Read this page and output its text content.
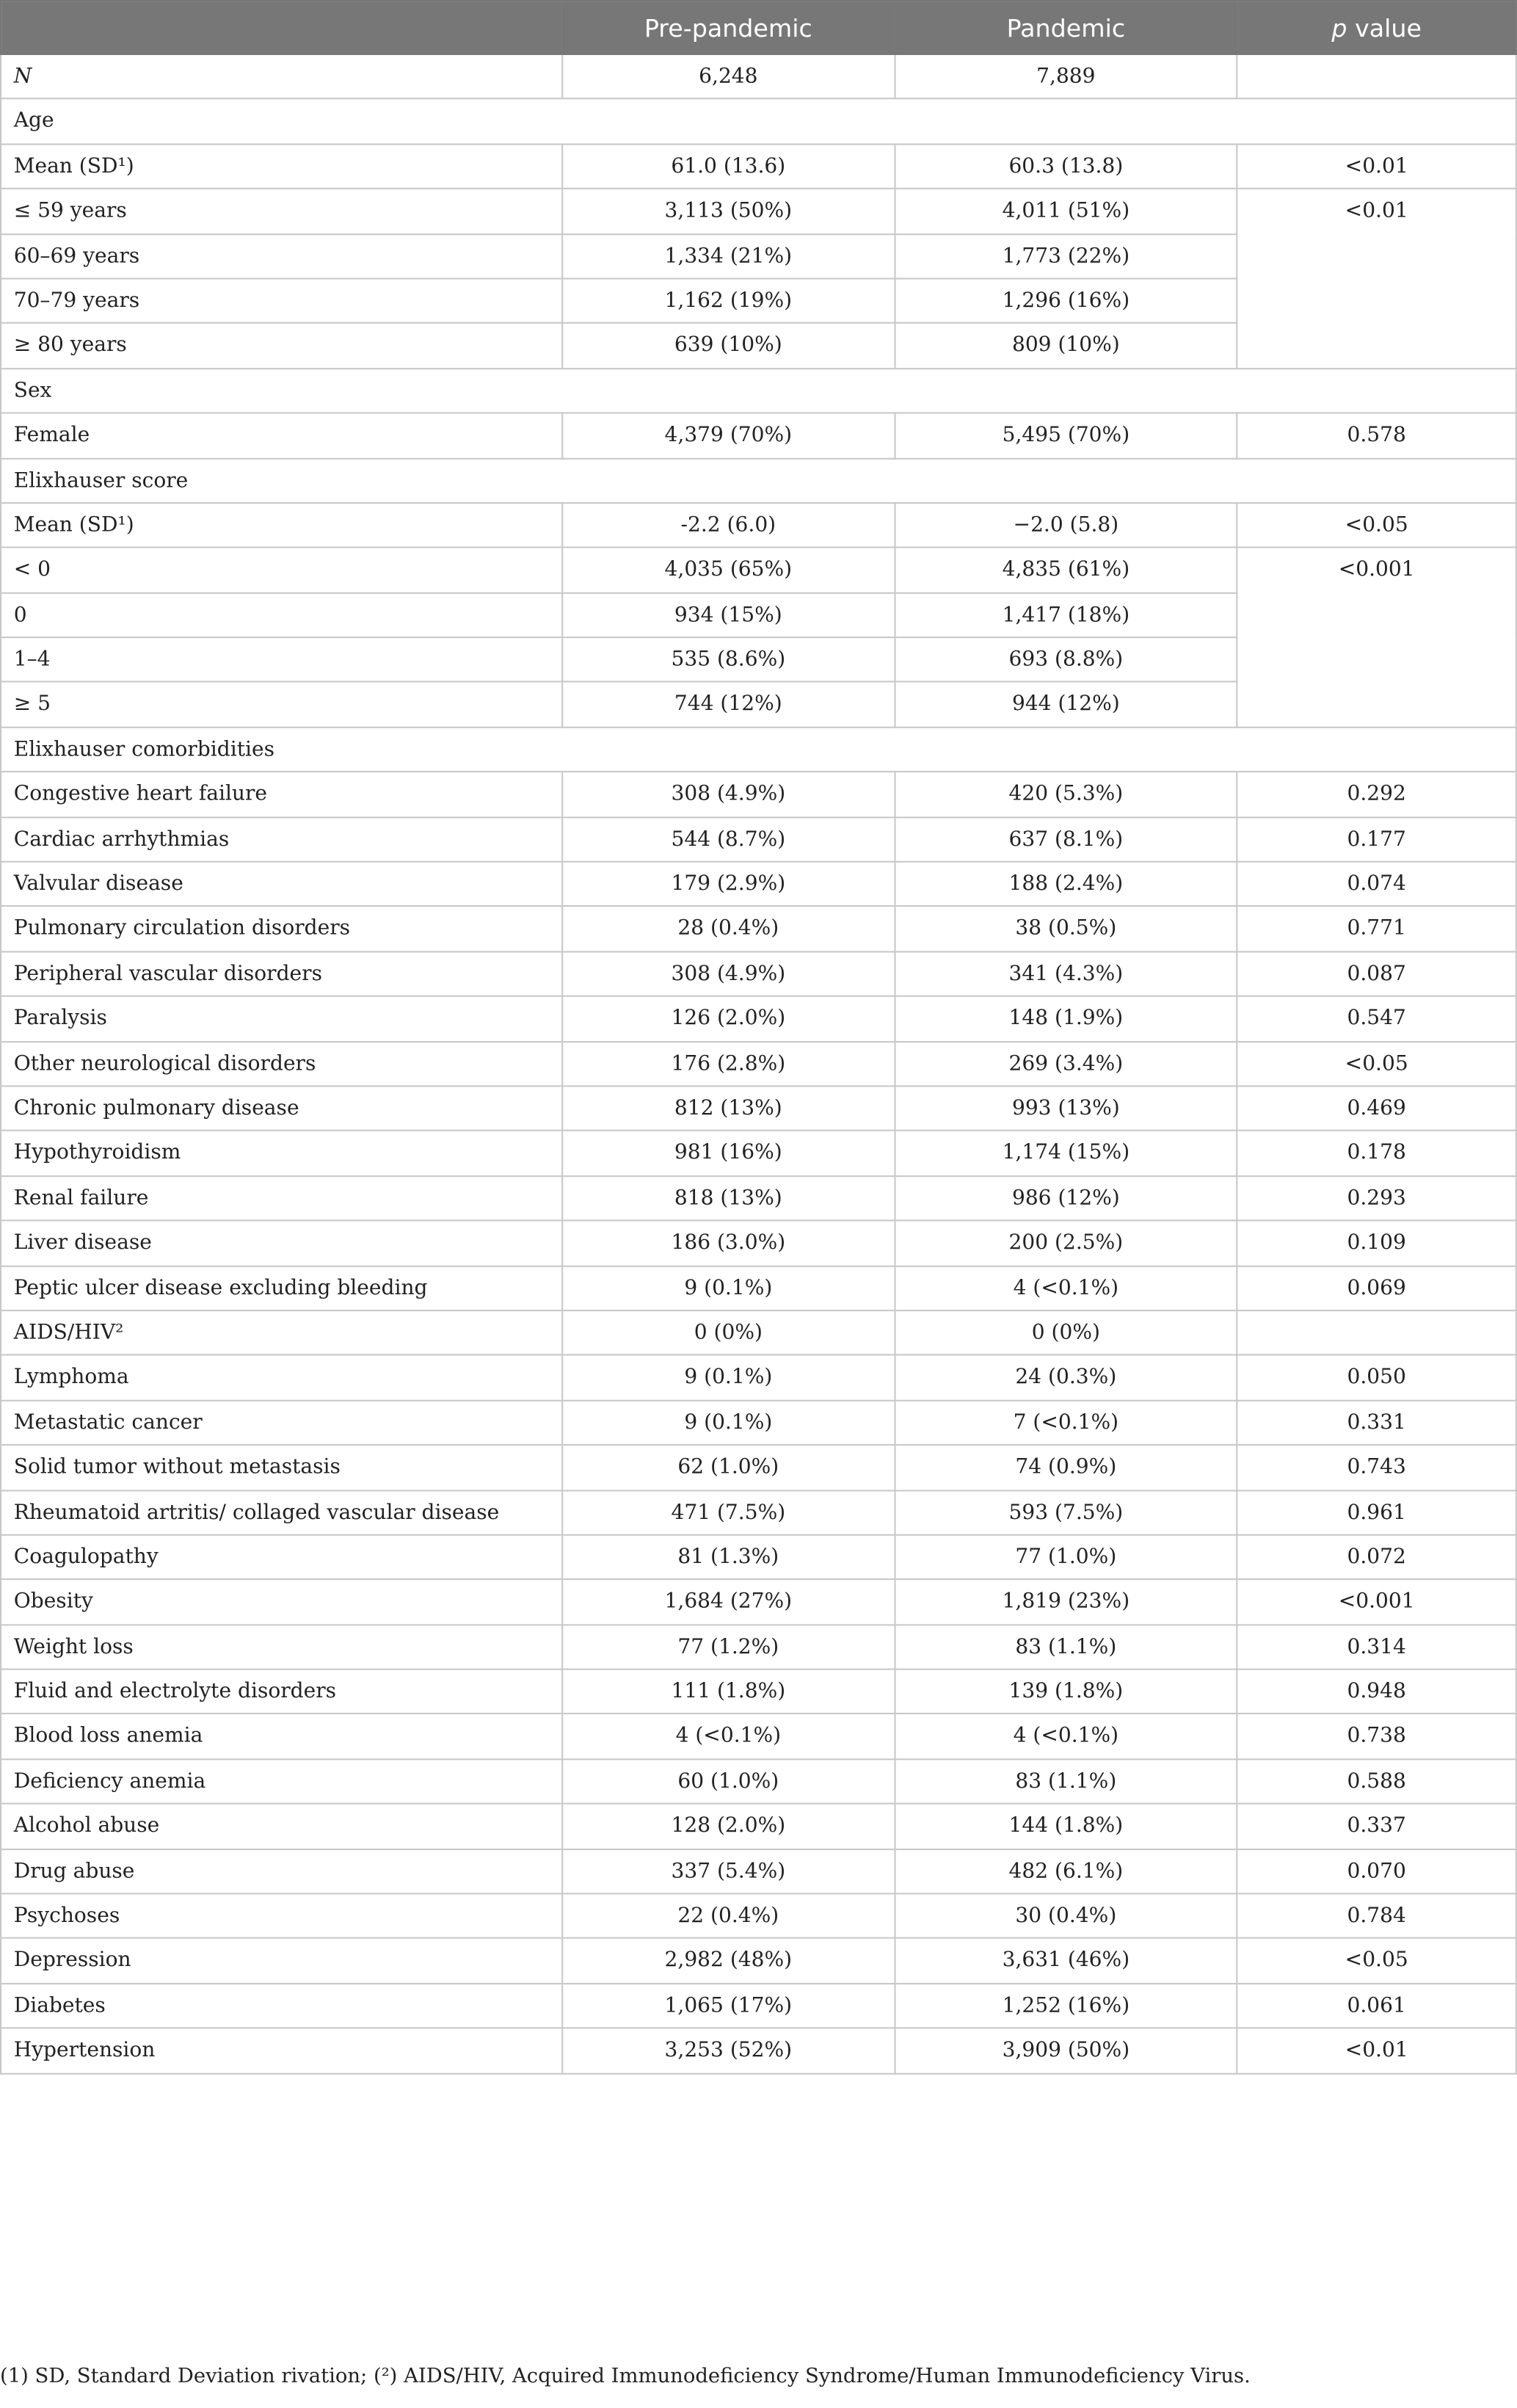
	Pre-pandemic	Pandemic	p value
N	6,248	7,889	
Age			
Mean (SD¹)	61.0 (13.6)	60.3 (13.8)	<0.01
≤ 59 years	3,113 (50%)	4,011 (51%)	<0.01
60–69 years	1,334 (21%)	1,773 (22%)	
70–79 years	1,162 (19%)	1,296 (16%)	
≥ 80 years	639 (10%)	809 (10%)	
Sex			
Female	4,379 (70%)	5,495 (70%)	0.578
Elixhauser score			
Mean (SD¹)	-2.2 (6.0)	−2.0 (5.8)	<0.05
< 0	4,035 (65%)	4,835 (61%)	<0.001
0	934 (15%)	1,417 (18%)	
1–4	535 (8.6%)	693 (8.8%)	
≥ 5	744 (12%)	944 (12%)	
Elixhauser comorbidities			
Congestive heart failure	308 (4.9%)	420 (5.3%)	0.292
Cardiac arrhythmias	544 (8.7%)	637 (8.1%)	0.177
Valvular disease	179 (2.9%)	188 (2.4%)	0.074
Pulmonary circulation disorders	28 (0.4%)	38 (0.5%)	0.771
Peripheral vascular disorders	308 (4.9%)	341 (4.3%)	0.087
Paralysis	126 (2.0%)	148 (1.9%)	0.547
Other neurological disorders	176 (2.8%)	269 (3.4%)	<0.05
Chronic pulmonary disease	812 (13%)	993 (13%)	0.469
Hypothyroidism	981 (16%)	1,174 (15%)	0.178
Renal failure	818 (13%)	986 (12%)	0.293
Liver disease	186 (3.0%)	200 (2.5%)	0.109
Peptic ulcer disease excluding bleeding	9 (0.1%)	4 (<0.1%)	0.069
AIDS/HIV²	0 (0%)	0 (0%)	
Lymphoma	9 (0.1%)	24 (0.3%)	0.050
Metastatic cancer	9 (0.1%)	7 (<0.1%)	0.331
Solid tumor without metastasis	62 (1.0%)	74 (0.9%)	0.743
Rheumatoid artritis/ collaged vascular disease	471 (7.5%)	593 (7.5%)	0.961
Coagulopathy	81 (1.3%)	77 (1.0%)	0.072
Obesity	1,684 (27%)	1,819 (23%)	<0.001
Weight loss	77 (1.2%)	83 (1.1%)	0.314
Fluid and electrolyte disorders	111 (1.8%)	139 (1.8%)	0.948
Blood loss anemia	4 (<0.1%)	4 (<0.1%)	0.738
Deficiency anemia	60 (1.0%)	83 (1.1%)	0.588
Alcohol abuse	128 (2.0%)	144 (1.8%)	0.337
Drug abuse	337 (5.4%)	482 (6.1%)	0.070
Psychoses	22 (0.4%)	30 (0.4%)	0.784
Depression	2,982 (48%)	3,631 (46%)	<0.05
Diabetes	1,065 (17%)	1,252 (16%)	0.061
Hypertension	3,253 (52%)	3,909 (50%)	<0.01
(1) SD, Standard Deviation rivation; (²) AIDS/HIV, Acquired Immunodeficiency Syndrome/Human Immunodeficiency Virus.
